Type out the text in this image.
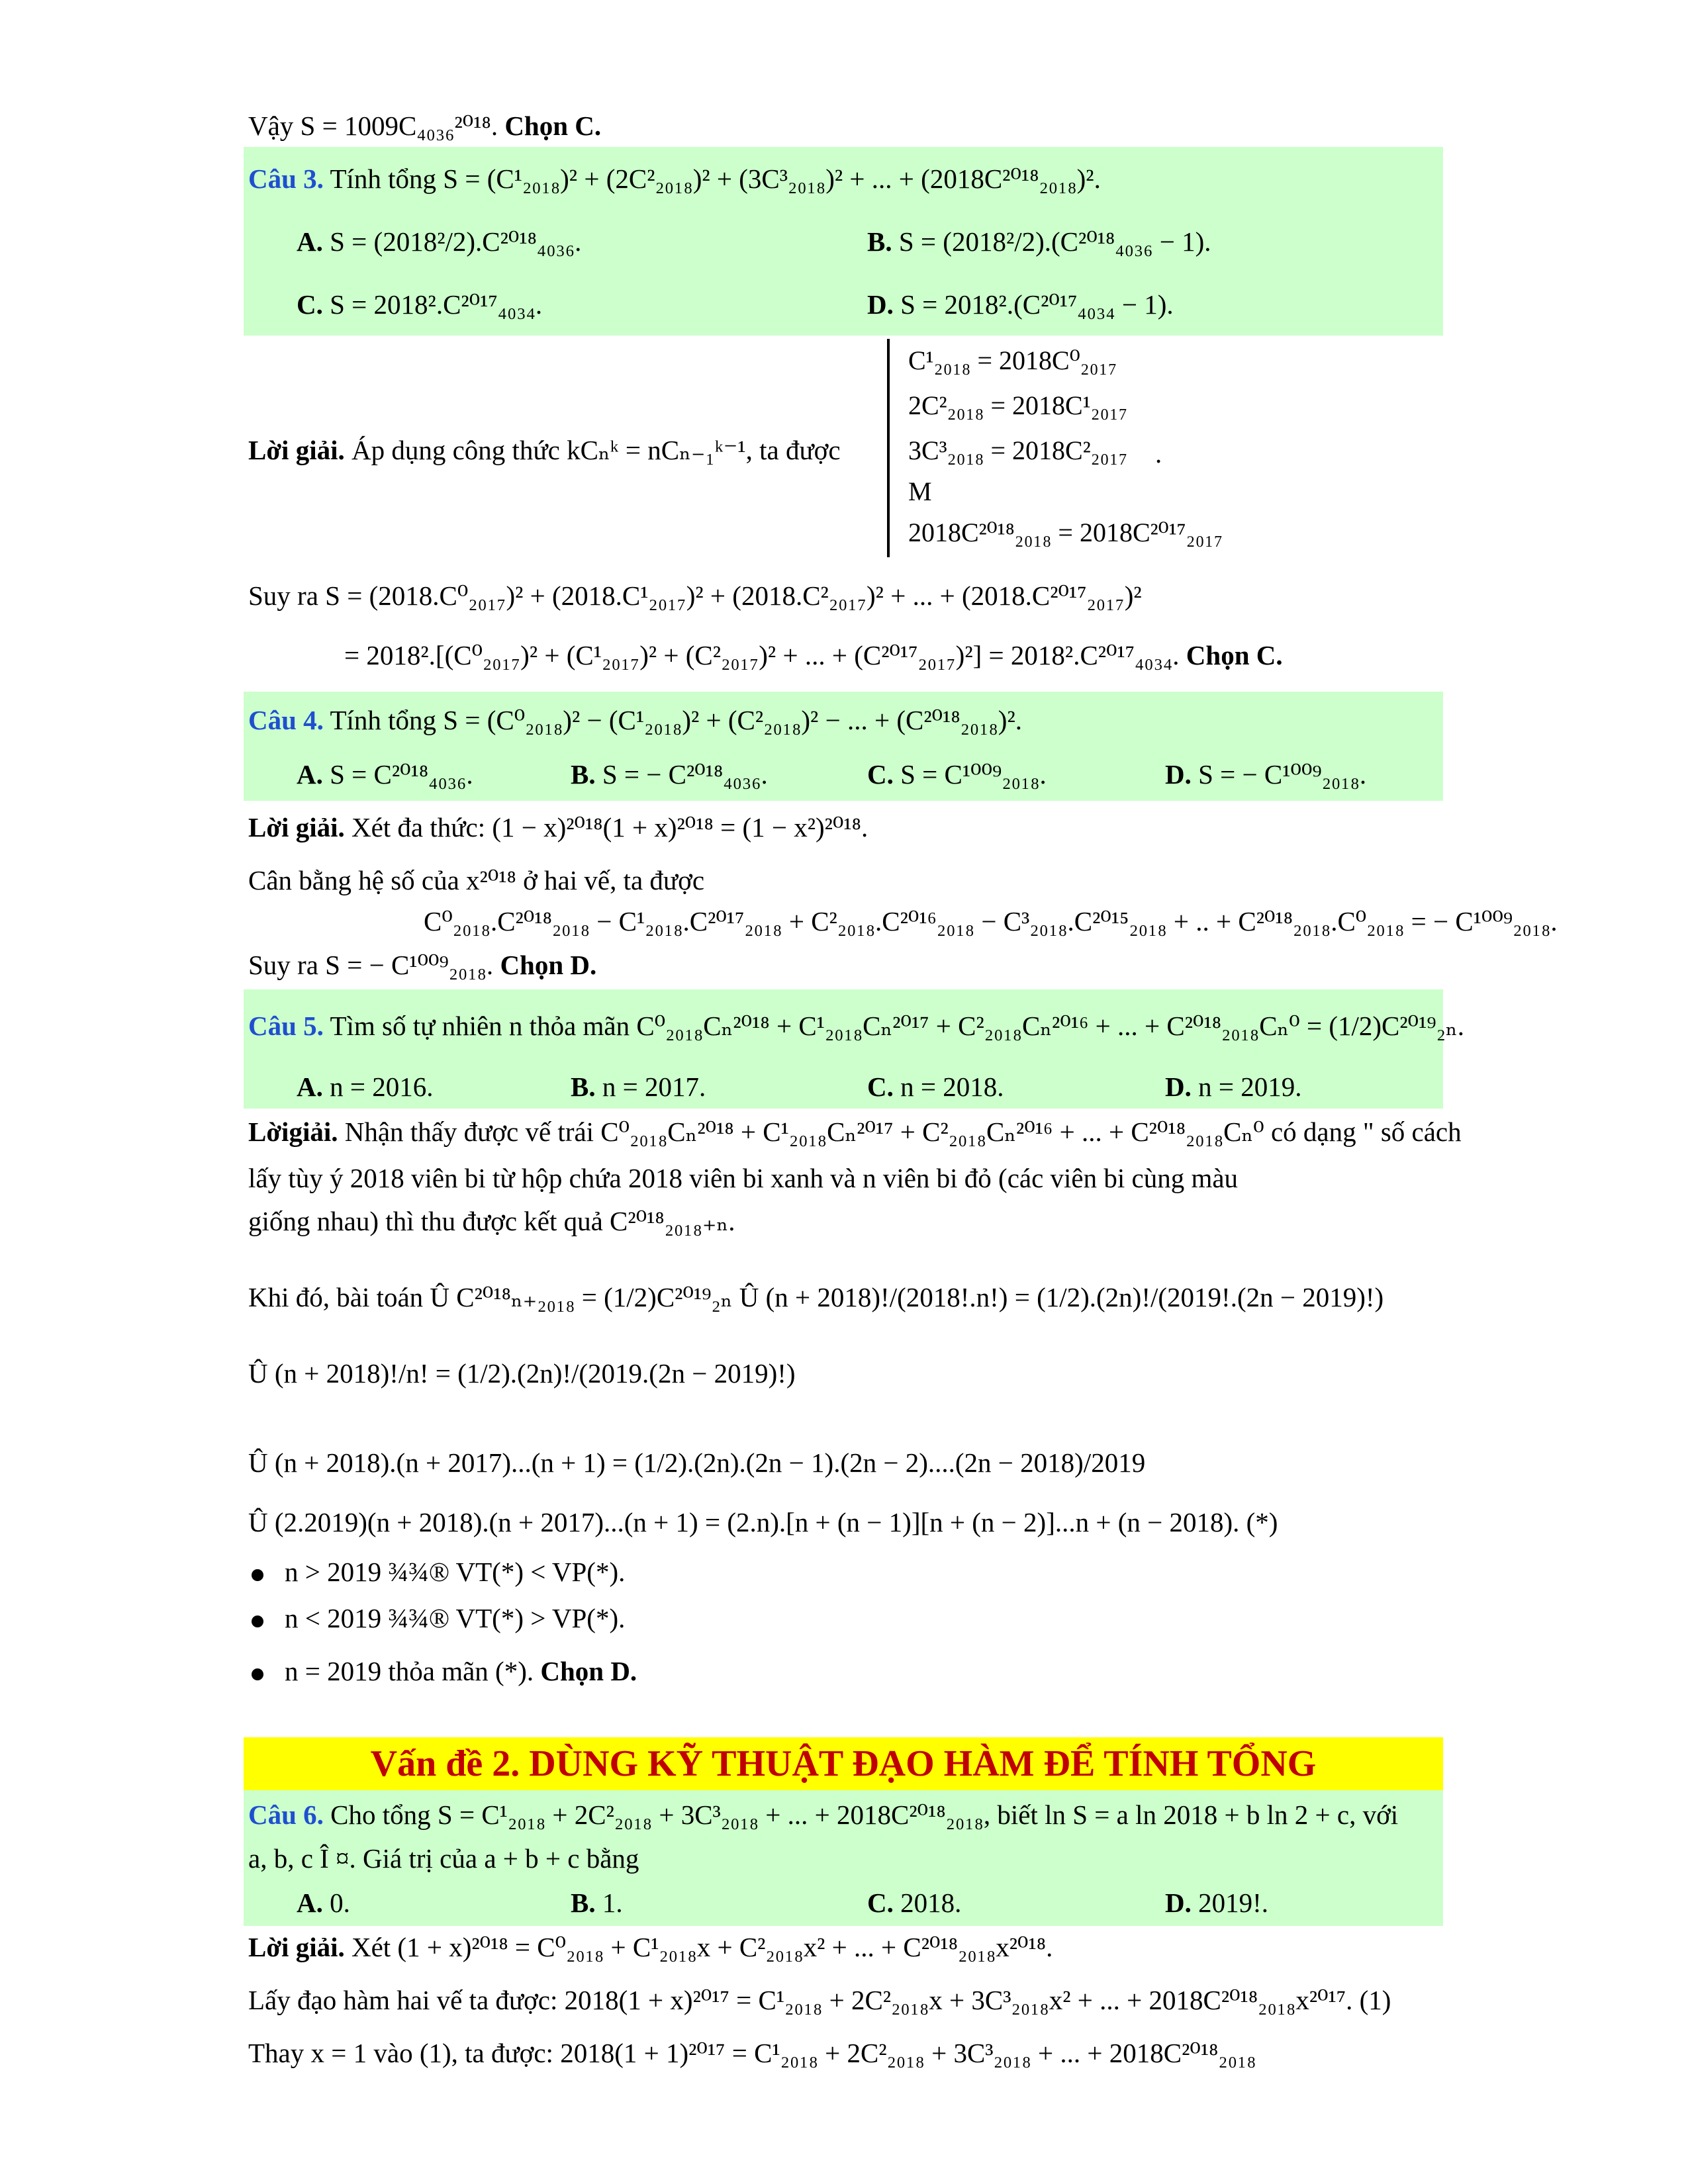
Vậy S = 1009C₄₀₃₆²⁰¹⁸. Chọn C.
Câu 3. Tính tổng S = (C¹₂₀₁₈)² + (2C²₂₀₁₈)² + (3C³₂₀₁₈)² + ... + (2018C²⁰¹⁸₂₀₁₈)².
A. S = (2018²/2).C²⁰¹⁸₄₀₃₆.	B. S = (2018²/2).(C²⁰¹⁸₄₀₃₆ − 1).
C. S = 2018².C²⁰¹⁷₄₀₃₄.	D. S = 2018².(C²⁰¹⁷₄₀₃₄ − 1).
Lời giải. Áp dụng công thức kCₙᵏ = nCₙ₋₁ᵏ⁻¹, ta được
C¹₂₀₁₈ = 2018C⁰₂₀₁₇
2C²₂₀₁₈ = 2018C¹₂₀₁₇
3C³₂₀₁₈ = 2018C²₂₀₁₇
M
2018C²⁰¹⁸₂₀₁₈ = 2018C²⁰¹⁷₂₀₁₇
.
Suy ra S = (2018.C⁰₂₀₁₇)² + (2018.C¹₂₀₁₇)² + (2018.C²₂₀₁₇)² + ... + (2018.C²⁰¹⁷₂₀₁₇)²
= 2018².[(C⁰₂₀₁₇)² + (C¹₂₀₁₇)² + (C²₂₀₁₇)² + ... + (C²⁰¹⁷₂₀₁₇)²] = 2018².C²⁰¹⁷₄₀₃₄. Chọn C.
Câu 4. Tính tổng S = (C⁰₂₀₁₈)² − (C¹₂₀₁₈)² + (C²₂₀₁₈)² − ... + (C²⁰¹⁸₂₀₁₈)².
A. S = C²⁰¹⁸₄₀₃₆.	B. S = − C²⁰¹⁸₄₀₃₆.	C. S = C¹⁰⁰⁹₂₀₁₈.	D. S = − C¹⁰⁰⁹₂₀₁₈.
Lời giải. Xét đa thức: (1 − x)²⁰¹⁸(1 + x)²⁰¹⁸ = (1 − x²)²⁰¹⁸.
Cân bằng hệ số của x²⁰¹⁸ ở hai vế, ta được
C⁰₂₀₁₈.C²⁰¹⁸₂₀₁₈ − C¹₂₀₁₈.C²⁰¹⁷₂₀₁₈ + C²₂₀₁₈.C²⁰¹⁶₂₀₁₈ − C³₂₀₁₈.C²⁰¹⁵₂₀₁₈ + .. + C²⁰¹⁸₂₀₁₈.C⁰₂₀₁₈ = − C¹⁰⁰⁹₂₀₁₈.
Suy ra S = − C¹⁰⁰⁹₂₀₁₈. Chọn D.
Câu 5. Tìm số tự nhiên n thỏa mãn C⁰₂₀₁₈Cₙ²⁰¹⁸ + C¹₂₀₁₈Cₙ²⁰¹⁷ + C²₂₀₁₈Cₙ²⁰¹⁶ + ... + C²⁰¹⁸₂₀₁₈Cₙ⁰ = (1/2)C²⁰¹⁹₂ₙ.
A. n = 2016.	B. n = 2017.	C. n = 2018.	D. n = 2019.
Lờigiải. Nhận thấy được vế trái C⁰₂₀₁₈Cₙ²⁰¹⁸ + C¹₂₀₁₈Cₙ²⁰¹⁷ + C²₂₀₁₈Cₙ²⁰¹⁶ + ... + C²⁰¹⁸₂₀₁₈Cₙ⁰ có dạng " số cách
lấy tùy ý 2018 viên bi từ hộp chứa 2018 viên bi xanh và n viên bi đỏ (các viên bi cùng màu
giống nhau) thì thu được kết quả C²⁰¹⁸₂₀₁₈₊ₙ.
Khi đó, bài toán Û C²⁰¹⁸ₙ₊₂₀₁₈ = (1/2)C²⁰¹⁹₂ₙ Û (n + 2018)!/(2018!.n!) = (1/2).(2n)!/(2019!.(2n − 2019)!)
Û (n + 2018)!/n! = (1/2).(2n)!/(2019.(2n − 2019)!)
Û (n + 2018).(n + 2017)...(n + 1) = (1/2).(2n).(2n − 1).(2n − 2)....(2n − 2018)/2019
Û (2.2019)(n + 2018).(n + 2017)...(n + 1) = (2.n).[n + (n − 1)][n + (n − 2)]...n + (n − 2018). (*)
n > 2019 ¾¾® VT(*) < VP(*).
n < 2019 ¾¾® VT(*) > VP(*).
n = 2019 thỏa mãn (*). Chọn D.
Vấn đề 2. DÙNG KỸ THUẬT ĐẠO HÀM ĐỂ TÍNH TỔNG
Câu 6. Cho tổng S = C¹₂₀₁₈ + 2C²₂₀₁₈ + 3C³₂₀₁₈ + ... + 2018C²⁰¹⁸₂₀₁₈, biết ln S = a ln 2018 + b ln 2 + c, với
a, b, c Î ¤. Giá trị của a + b + c bằng
A. 0.	B. 1.	C. 2018.	D. 2019!.
Lời giải. Xét (1 + x)²⁰¹⁸ = C⁰₂₀₁₈ + C¹₂₀₁₈x + C²₂₀₁₈x² + ... + C²⁰¹⁸₂₀₁₈x²⁰¹⁸.
Lấy đạo hàm hai vế ta được: 2018(1 + x)²⁰¹⁷ = C¹₂₀₁₈ + 2C²₂₀₁₈x + 3C³₂₀₁₈x² + ... + 2018C²⁰¹⁸₂₀₁₈x²⁰¹⁷. (1)
Thay x = 1 vào (1), ta được: 2018(1 + 1)²⁰¹⁷ = C¹₂₀₁₈ + 2C²₂₀₁₈ + 3C³₂₀₁₈ + ... + 2018C²⁰¹⁸₂₀₁₈
